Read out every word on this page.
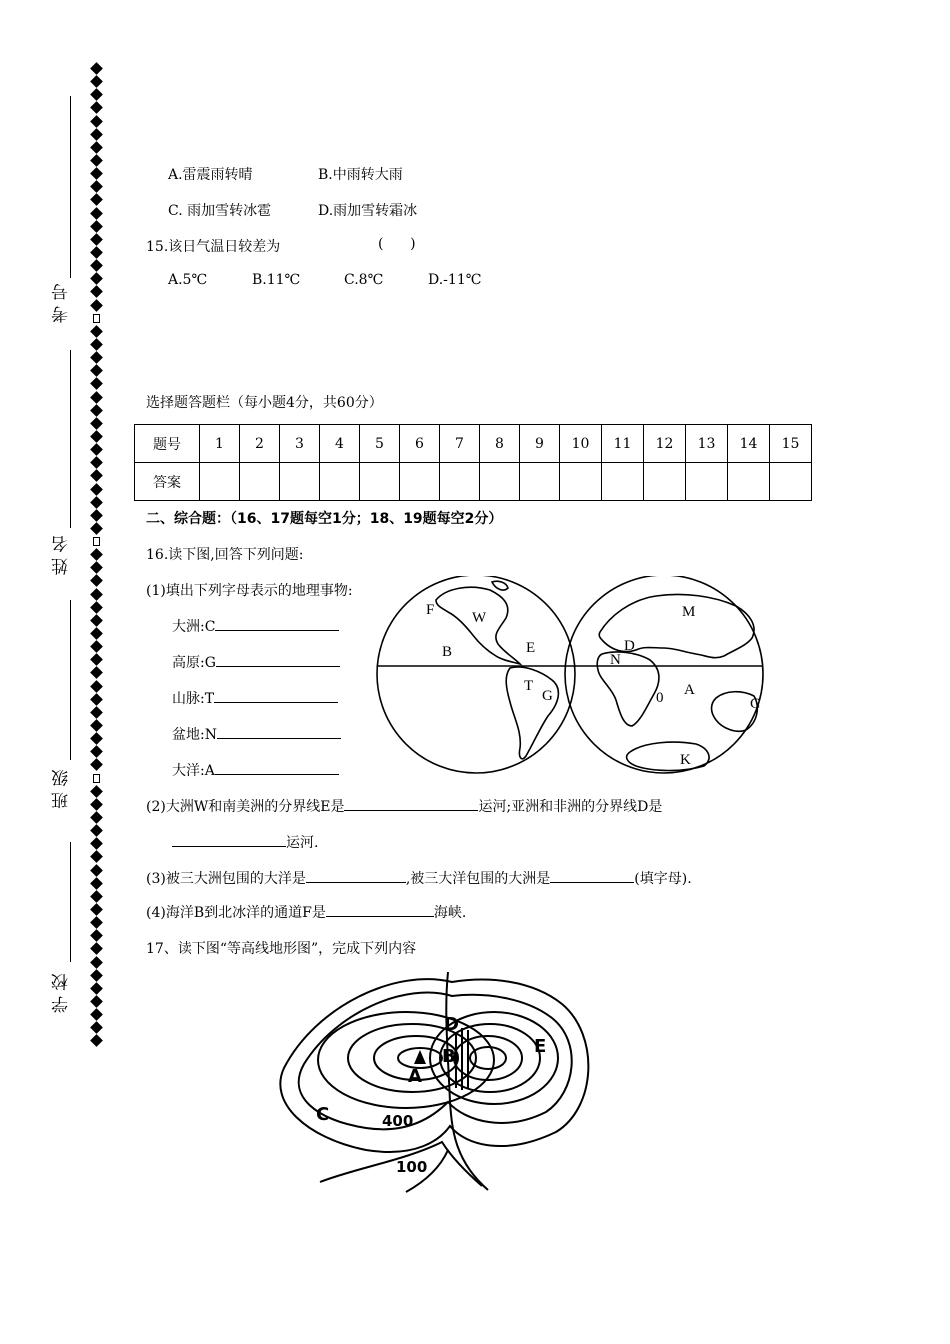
考 号
姓 名
班 级
学 校
A.雷震雨转晴	B.中雨转大雨
C. 雨加雪转冰雹	D.雨加雪转霜冰
15.该日气温日较差为	(      )
A.5℃	B.11℃	C.8℃	D.-11℃
选择题答题栏（每小题4分，共60分）
题号	1	2	3	4	5	6	7	8	9	10	11	12	13	14	15
答案															
二、综合题：（16、17题每空1分；18、19题每空2分）
16.读下图,回答下列问题:
(1)填出下列字母表示的地理事物:
大洲:C
高原:G
山脉:T
盆地:N
大洋:A
(2)大洲W和南美洲的分界线E是	运河;亚洲和非洲的分界线D是
运河.
(3)被三大洲包围的大洋是	,被三大洋包围的大洲是	(填字母).
(4)海洋B到北冰洋的通道F是	海峡.
F	W
B	E
T
G
M
D
N
0 A
C
K
17、读下图“等高线地形图”，完成下列内容
C
A
B
D
E
400
100
